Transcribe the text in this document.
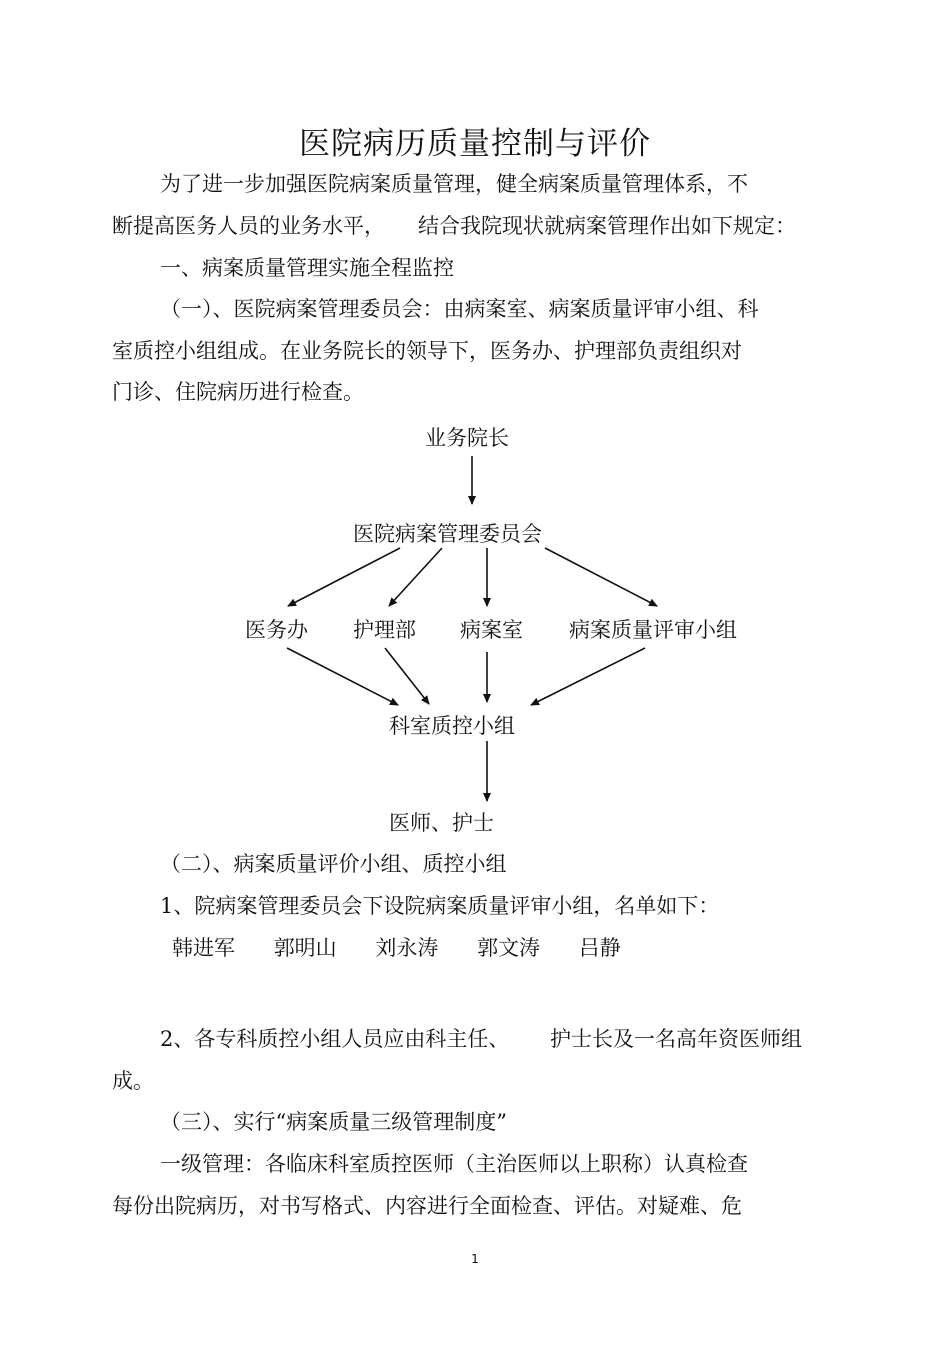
医院病历质量控制与评价
为了进一步加强医院病案质量管理，健全病案质量管理体系，不
断提高医务人员的业务水平， 结合我院现状就病案管理作出如下规定：
一、病案质量管理实施全程监控
（一）、医院病案管理委员会：由病案室、病案质量评审小组、科
室质控小组组成。在业务院长的领导下，医务办、护理部负责组织对
门诊、住院病历进行检查。
业务院长
医院病案管理委员会
医务办 护理部 病案室 病案质量评审小组
科室质控小组
医师、护士
（二）、病案质量评价小组、质控小组
1、院病案管理委员会下设院病案质量评审小组，名单如下：
韩进军 郭明山 刘永涛 郭文涛 吕静
2、各专科质控小组人员应由科主任、 护士长及一名高年资医师组
成。
（三）、实行“病案质量三级管理制度”
一级管理：各临床科室质控医师（主治医师以上职称）认真检查
每份出院病历，对书写格式、内容进行全面检查、评估。对疑难、危
1
